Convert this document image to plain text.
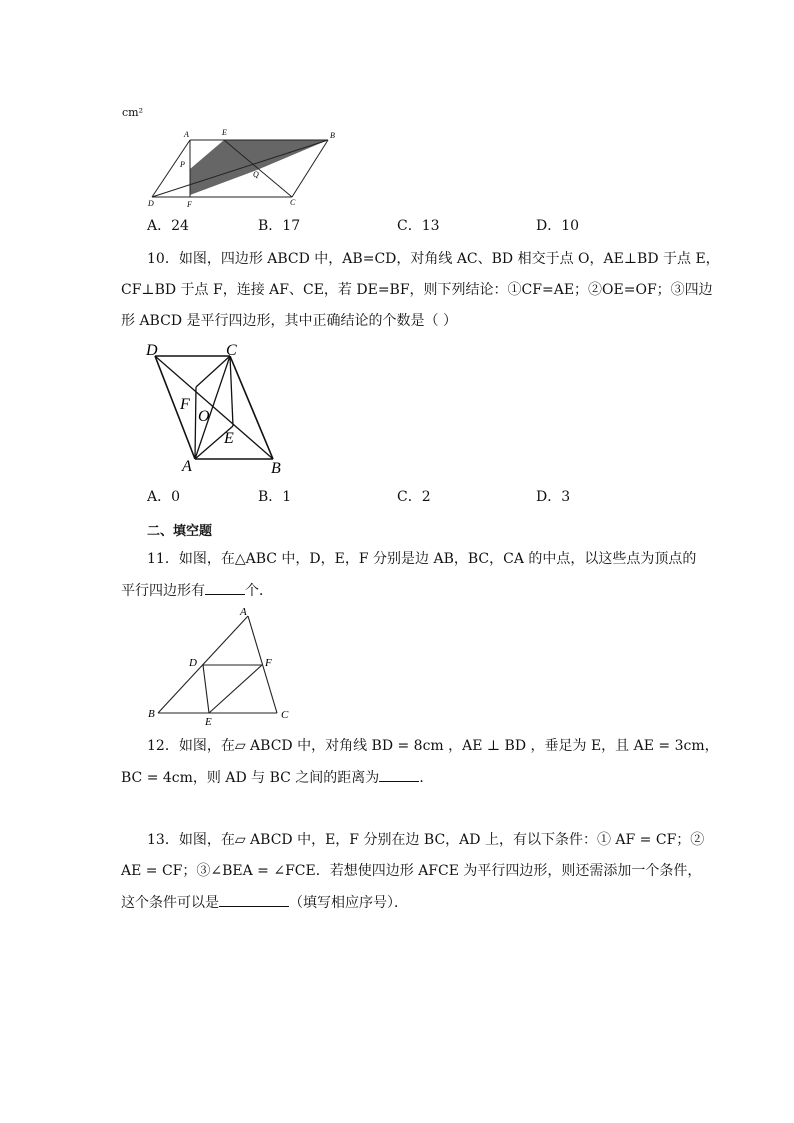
cm²
A	E	B
P
Q
D	F	C
A．24	B．17	C．13	D．10
10．如图，四边形 ABCD 中，AB=CD，对角线 AC、BD 相交于点 O，AE⊥BD 于点 E，
CF⊥BD 于点 F，连接 AF、CE，若 DE=BF，则下列结论：①CF=AE；②OE=OF；③四边
形 ABCD 是平行四边形，其中正确结论的个数是（ ）
D	C
F
O
E
A	B
A．0	B．1	C．2	D．3
二、填空题
11．如图，在△ABC 中，D，E，F 分别是边 AB，BC，CA 的中点，以这些点为顶点的
平行四边形有	个．
A
D	F
B
E
C
12．如图，在▱ ABCD 中，对角线 BD = 8cm ，AE ⊥ BD ，垂足为 E，且 AE = 3cm，
BC = 4cm，则 AD 与 BC 之间的距离为	．
13．如图，在▱ ABCD 中，E，F 分别在边 BC，AD 上，有以下条件：① AF = CF；②
AE = CF；③∠BEA = ∠FCE．若想使四边形 AFCE 为平行四边形，则还需添加一个条件，
这个条件可以是	（填写相应序号）．
